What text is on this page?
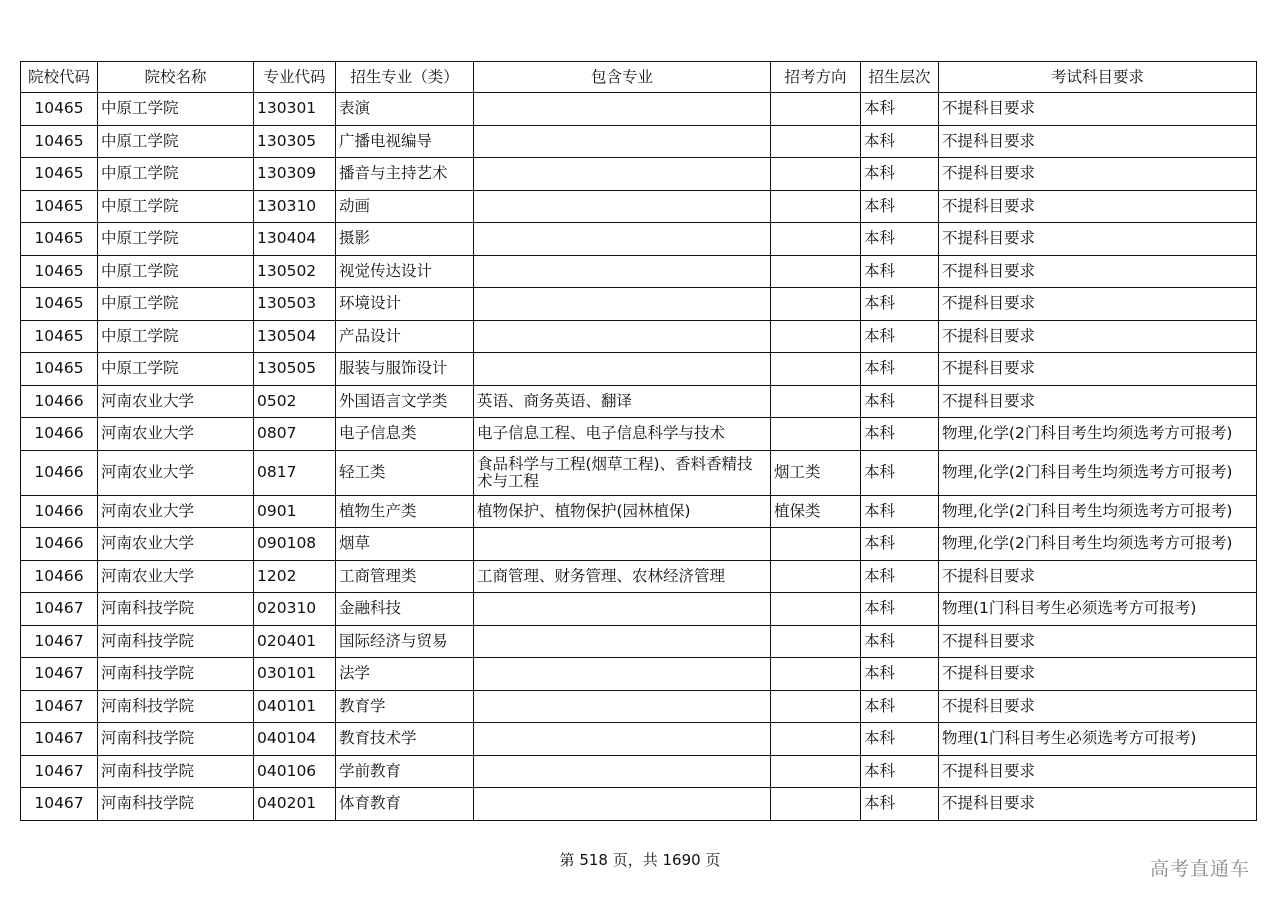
院校代码	院校名称	专业代码	招生专业（类）	包含专业	招考方向	招生层次	考试科目要求
10465	中原工学院	130301	表演			本科	不提科目要求
10465	中原工学院	130305	广播电视编导			本科	不提科目要求
10465	中原工学院	130309	播音与主持艺术			本科	不提科目要求
10465	中原工学院	130310	动画			本科	不提科目要求
10465	中原工学院	130404	摄影			本科	不提科目要求
10465	中原工学院	130502	视觉传达设计			本科	不提科目要求
10465	中原工学院	130503	环境设计			本科	不提科目要求
10465	中原工学院	130504	产品设计			本科	不提科目要求
10465	中原工学院	130505	服装与服饰设计			本科	不提科目要求
10466	河南农业大学	0502	外国语言文学类	英语、商务英语、翻译		本科	不提科目要求
10466	河南农业大学	0807	电子信息类	电子信息工程、电子信息科学与技术		本科	物理,化学(2门科目考生均须选考方可报考)
10466	河南农业大学	0817	轻工类	食品科学与工程(烟草工程)、香料香精技术与工程	烟工类	本科	物理,化学(2门科目考生均须选考方可报考)
10466	河南农业大学	0901	植物生产类	植物保护、植物保护(园林植保)	植保类	本科	物理,化学(2门科目考生均须选考方可报考)
10466	河南农业大学	090108	烟草			本科	物理,化学(2门科目考生均须选考方可报考)
10466	河南农业大学	1202	工商管理类	工商管理、财务管理、农林经济管理		本科	不提科目要求
10467	河南科技学院	020310	金融科技			本科	物理(1门科目考生必须选考方可报考)
10467	河南科技学院	020401	国际经济与贸易			本科	不提科目要求
10467	河南科技学院	030101	法学			本科	不提科目要求
10467	河南科技学院	040101	教育学			本科	不提科目要求
10467	河南科技学院	040104	教育技术学			本科	物理(1门科目考生必须选考方可报考)
10467	河南科技学院	040106	学前教育			本科	不提科目要求
10467	河南科技学院	040201	体育教育			本科	不提科目要求
第 518 页，共 1690 页	高考直通车
